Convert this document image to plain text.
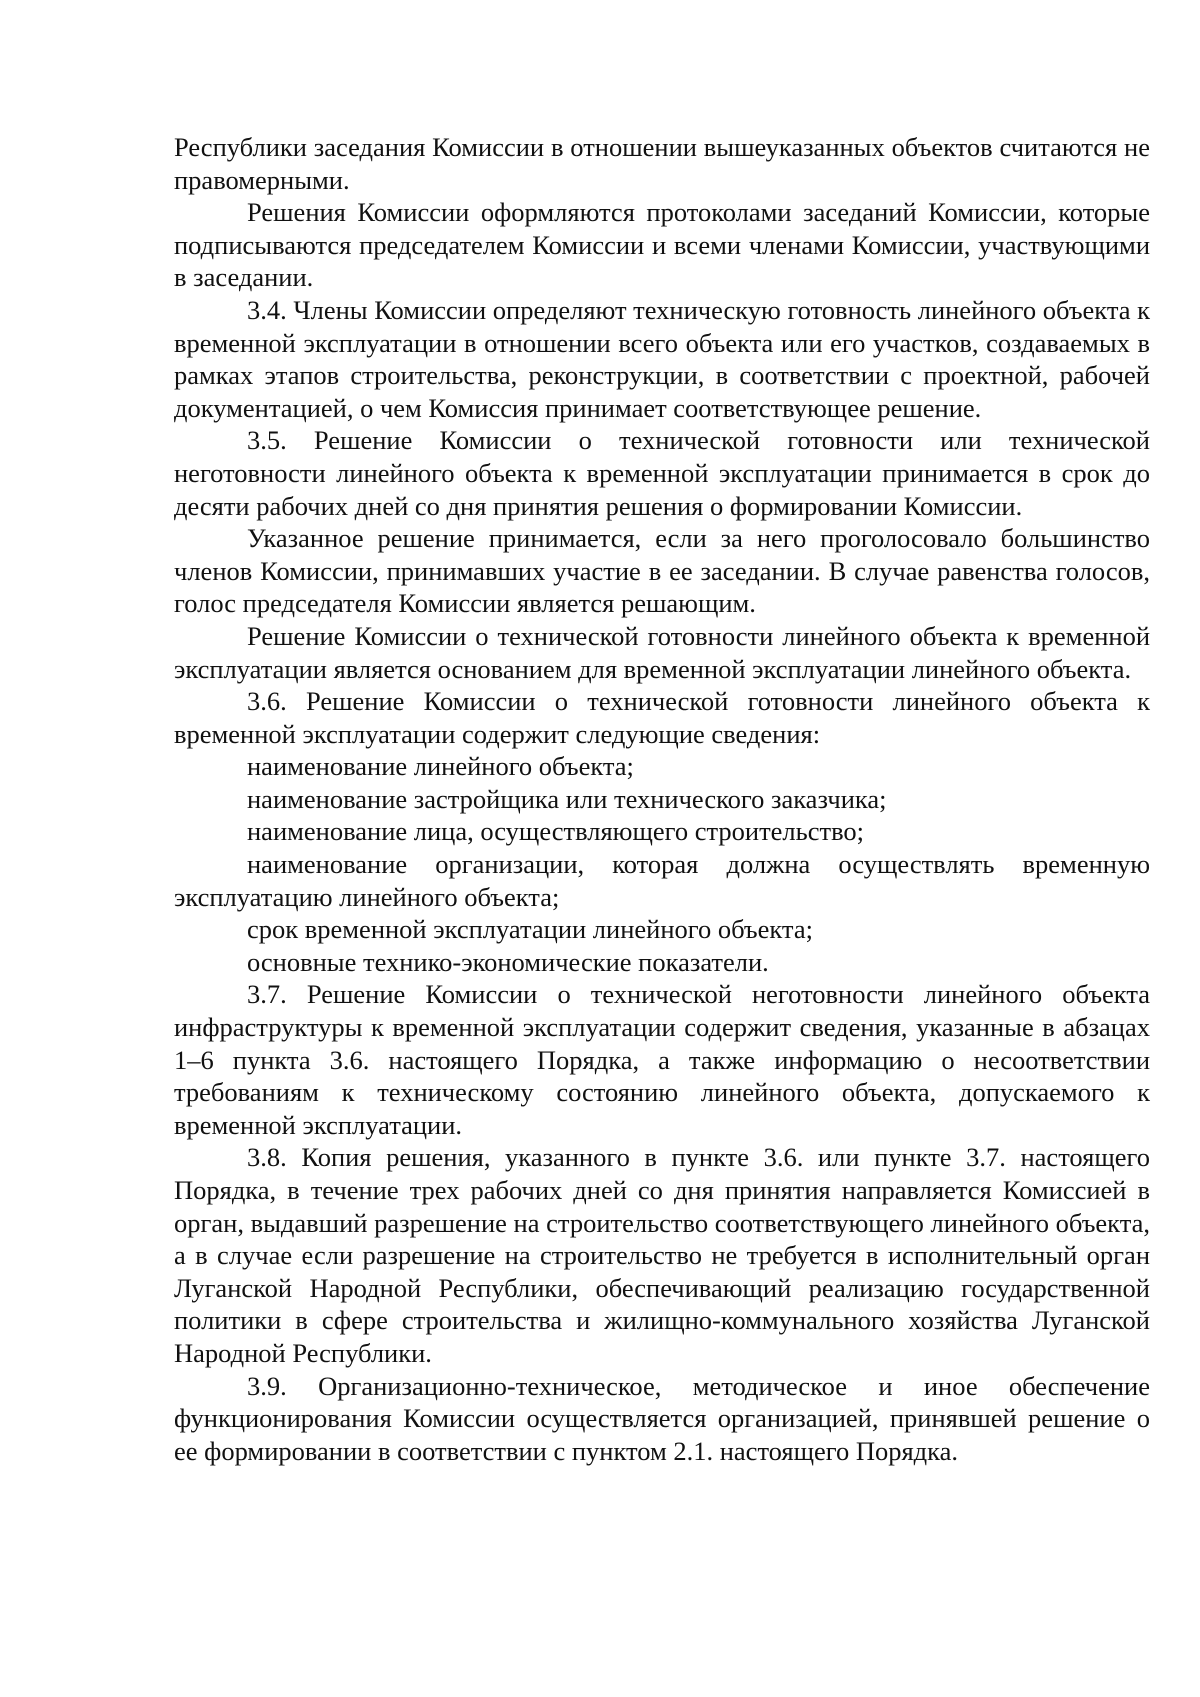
Республики заседания Комиссии в отношении вышеуказанных объектов считаются не правомерными.

Решения Комиссии оформляются протоколами заседаний Комиссии, которые подписываются председателем Комиссии и всеми членами Комиссии, участвующими в заседании.

3.4. Члены Комиссии определяют техническую готовность линейного объекта к временной эксплуатации в отношении всего объекта или его участков, создаваемых в рамках этапов строительства, реконструкции, в соответствии с проектной, рабочей документацией, о чем Комиссия принимает соответствующее решение.

3.5. Решение Комиссии о технической готовности или технической неготовности линейного объекта к временной эксплуатации принимается в срок до десяти рабочих дней со дня принятия решения о формировании Комиссии.

Указанное решение принимается, если за него проголосовало большинство членов Комиссии, принимавших участие в ее заседании. В случае равенства голосов, голос председателя Комиссии является решающим.

Решение Комиссии о технической готовности линейного объекта к временной эксплуатации является основанием для временной эксплуатации линейного объекта.

3.6. Решение Комиссии о технической готовности линейного объекта к временной эксплуатации содержит следующие сведения:

наименование линейного объекта;

наименование застройщика или технического заказчика;

наименование лица, осуществляющего строительство;

наименование организации, которая должна осуществлять временную эксплуатацию линейного объекта;

срок временной эксплуатации линейного объекта;

основные технико-экономические показатели.

3.7. Решение Комиссии о технической неготовности линейного объекта инфраструктуры к временной эксплуатации содержит сведения, указанные в абзацах 1–6 пункта 3.6. настоящего Порядка, а также информацию о несоответствии требованиям к техническому состоянию линейного объекта, допускаемого к временной эксплуатации.

3.8. Копия решения, указанного в пункте 3.6. или пункте 3.7. настоящего Порядка, в течение трех рабочих дней со дня принятия направляется Комиссией в орган, выдавший разрешение на строительство соответствующего линейного объекта, а в случае если разрешение на строительство не требуется в исполнительный орган Луганской Народной Республики, обеспечивающий реализацию государственной политики в сфере строительства и жилищно-коммунального хозяйства Луганской Народной Республики.

3.9. Организационно-техническое, методическое и иное обеспечение функционирования Комиссии осуществляется организацией, принявшей решение о ее формировании в соответствии с пунктом 2.1. настоящего Порядка.
